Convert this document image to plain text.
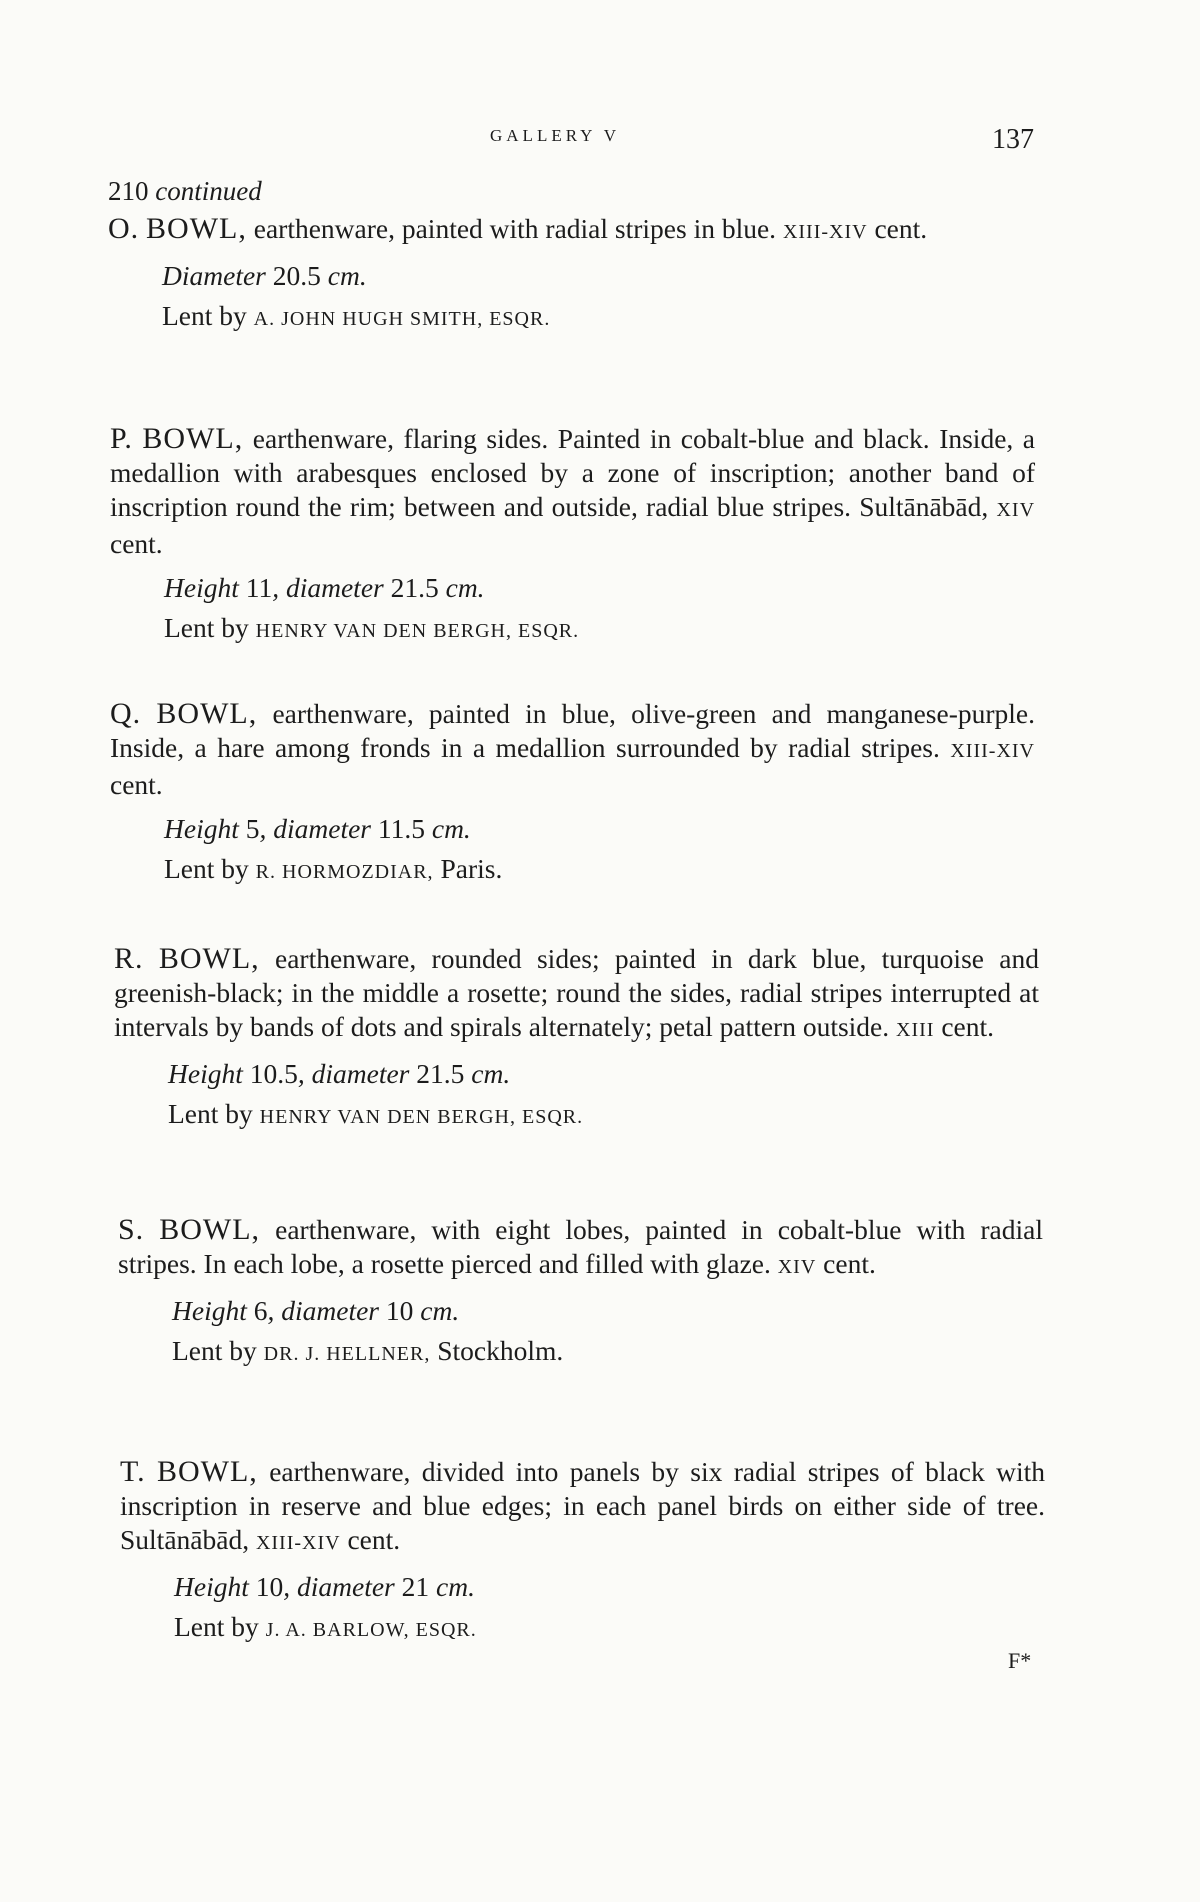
GALLERY V	137
210 continued

O. BOWL, earthenware, painted with radial stripes in blue. XIII-XIV cent.

Diameter 20.5 cm.
Lent by A. JOHN HUGH SMITH, ESQR.

P. BOWL, earthenware, flaring sides. Painted in cobalt-blue and black. Inside, a medallion with arabesques enclosed by a zone of inscription; another band of inscription round the rim; between and outside, radial blue stripes. Sultānābād, XIV cent.

Height 11, diameter 21.5 cm.
Lent by HENRY VAN DEN BERGH, ESQR.

Q. BOWL, earthenware, painted in blue, olive-green and manganese-purple. Inside, a hare among fronds in a medallion surrounded by radial stripes. XIII-XIV cent.

Height 5, diameter 11.5 cm.
Lent by R. HORMOZDIAR, Paris.

R. BOWL, earthenware, rounded sides; painted in dark blue, turquoise and greenish-black; in the middle a rosette; round the sides, radial stripes interrupted at intervals by bands of dots and spirals alternately; petal pattern outside. XIII cent.

Height 10.5, diameter 21.5 cm.
Lent by HENRY VAN DEN BERGH, ESQR.

S. BOWL, earthenware, with eight lobes, painted in cobalt-blue with radial stripes. In each lobe, a rosette pierced and filled with glaze. XIV cent.

Height 6, diameter 10 cm.
Lent by DR. J. HELLNER, Stockholm.

T. BOWL, earthenware, divided into panels by six radial stripes of black with inscription in reserve and blue edges; in each panel birds on either side of tree. Sultānābād, XIII-XIV cent.

Height 10, diameter 21 cm.
Lent by J. A. BARLOW, ESQR.
F*
